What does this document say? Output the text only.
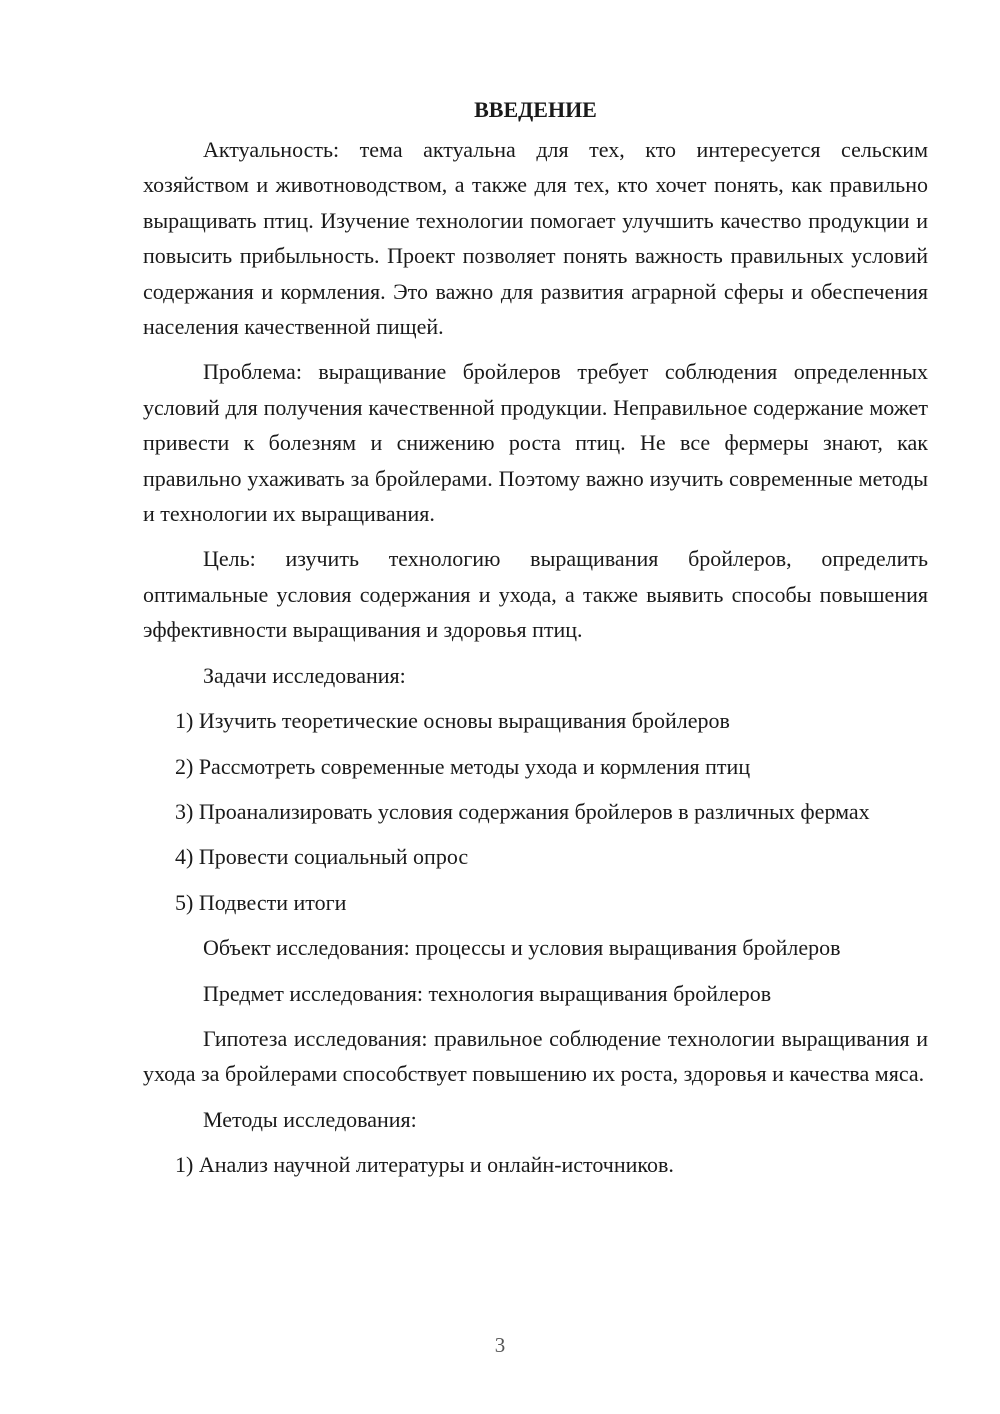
ВВЕДЕНИЕ

Актуальность: тема актуальна для тех, кто интересуется сельским хозяйством и животноводством, а также для тех, кто хочет понять, как правильно выращивать птиц. Изучение технологии помогает улучшить качество продукции и повысить прибыльность. Проект позволяет понять важность правильных условий содержания и кормления. Это важно для развития аграрной сферы и обеспечения населения качественной пищей.

Проблема: выращивание бройлеров требует соблюдения определенных условий для получения качественной продукции. Неправильное содержание может привести к болезням и снижению роста птиц. Не все фермеры знают, как правильно ухаживать за бройлерами. Поэтому важно изучить современные методы и технологии их выращивания.

Цель: изучить технологию выращивания бройлеров, определить оптимальные условия содержания и ухода, а также выявить способы повышения эффективности выращивания и здоровья птиц.

Задачи исследования:

1) Изучить теоретические основы выращивания бройлеров

2) Рассмотреть современные методы ухода и кормления птиц

3) Проанализировать условия содержания бройлеров в различных фермах

4) Провести социальный опрос

5) Подвести итоги

Объект исследования: процессы и условия выращивания бройлеров

Предмет исследования: технология выращивания бройлеров

Гипотеза исследования: правильное соблюдение технологии выращивания и ухода за бройлерами способствует повышению их роста, здоровья и качества мяса.

Методы исследования:

1) Анализ научной литературы и онлайн-источников.

3
